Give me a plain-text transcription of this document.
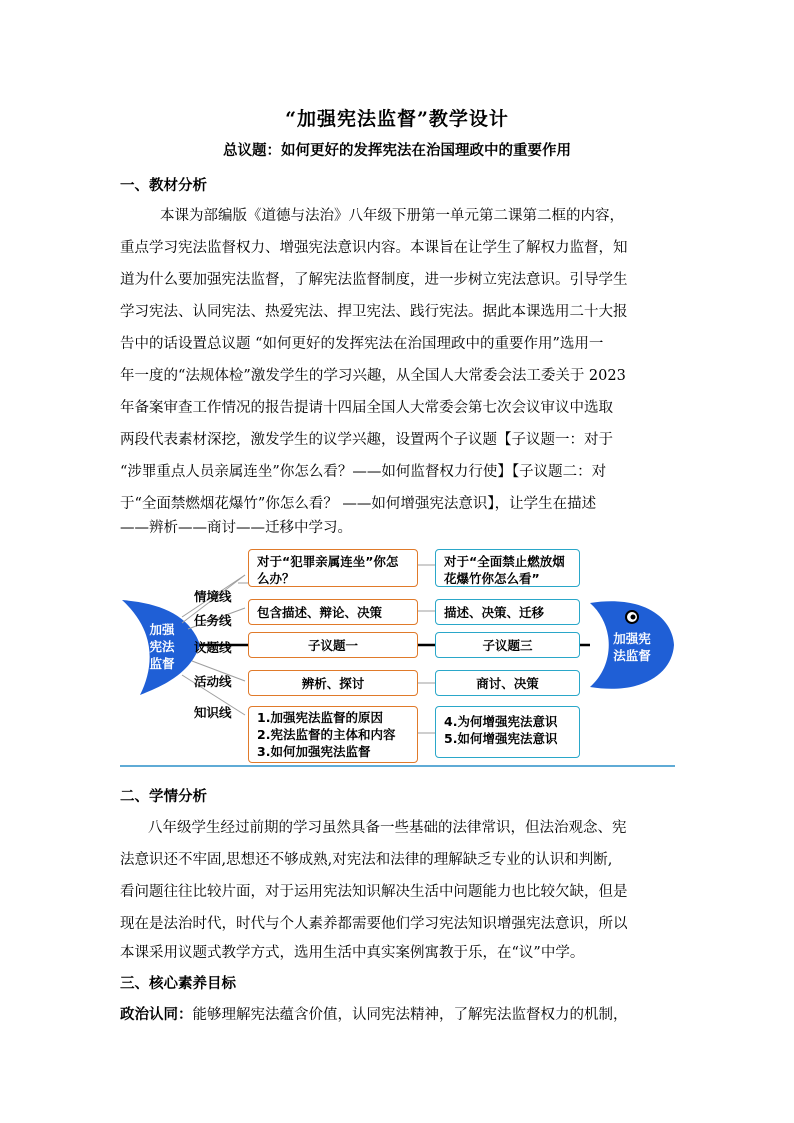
“加强宪法监督”教学设计
总议题：如何更好的发挥宪法在治国理政中的重要作用
一、教材分析
本课为部编版《道德与法治》八年级下册第一单元第二课第二框的内容，
重点学习宪法监督权力、增强宪法意识内容。本课旨在让学生了解权力监督，知
道为什么要加强宪法监督，了解宪法监督制度，进一步树立宪法意识。引导学生
学习宪法、认同宪法、热爱宪法、捍卫宪法、践行宪法。据此本课选用二十大报
告中的话设置总议题 “如何更好的发挥宪法在治国理政中的重要作用”选用一
年一度的“法规体检”激发学生的学习兴趣，从全国人大常委会法工委关于 2023
年备案审查工作情况的报告提请十四届全国人大常委会第七次会议审议中选取
两段代表素材深挖，激发学生的议学兴趣，设置两个子议题【子议题一：对于
“涉罪重点人员亲属连坐”你怎么看？——如何监督权力行使】【子议题二：对
于“全面禁燃烟花爆竹”你怎么看？ ——如何增强宪法意识】，让学生在描述
——辨析——商讨——迁移中学习。
加强
宪法
监督
加强宪
法监督
情境线
任务线
议题线
活动线
知识线
对于“犯罪亲属连坐”你怎么办？
包含描述、辩论、决策
子议题一
辨析、探讨
1.加强宪法监督的原因
2.宪法监督的主体和内容
3.如何加强宪法监督
对于“全面禁止燃放烟花爆竹你怎么看”
描述、决策、迁移
子议题三
商讨、决策
4.为何增强宪法意识
5.如何增强宪法意识
二、学情分析
八年级学生经过前期的学习虽然具备一些基础的法律常识，但法治观念、宪
法意识还不牢固,思想还不够成熟,对宪法和法律的理解缺乏专业的认识和判断,
看问题往往比较片面，对于运用宪法知识解决生活中问题能力也比较欠缺，但是
现在是法治时代，时代与个人素养都需要他们学习宪法知识增强宪法意识，所以
本课采用议题式教学方式，选用生活中真实案例寓教于乐，在“议”中学。
三、核心素养目标
政治认同：能够理解宪法蕴含价值，认同宪法精神，了解宪法监督权力的机制，
